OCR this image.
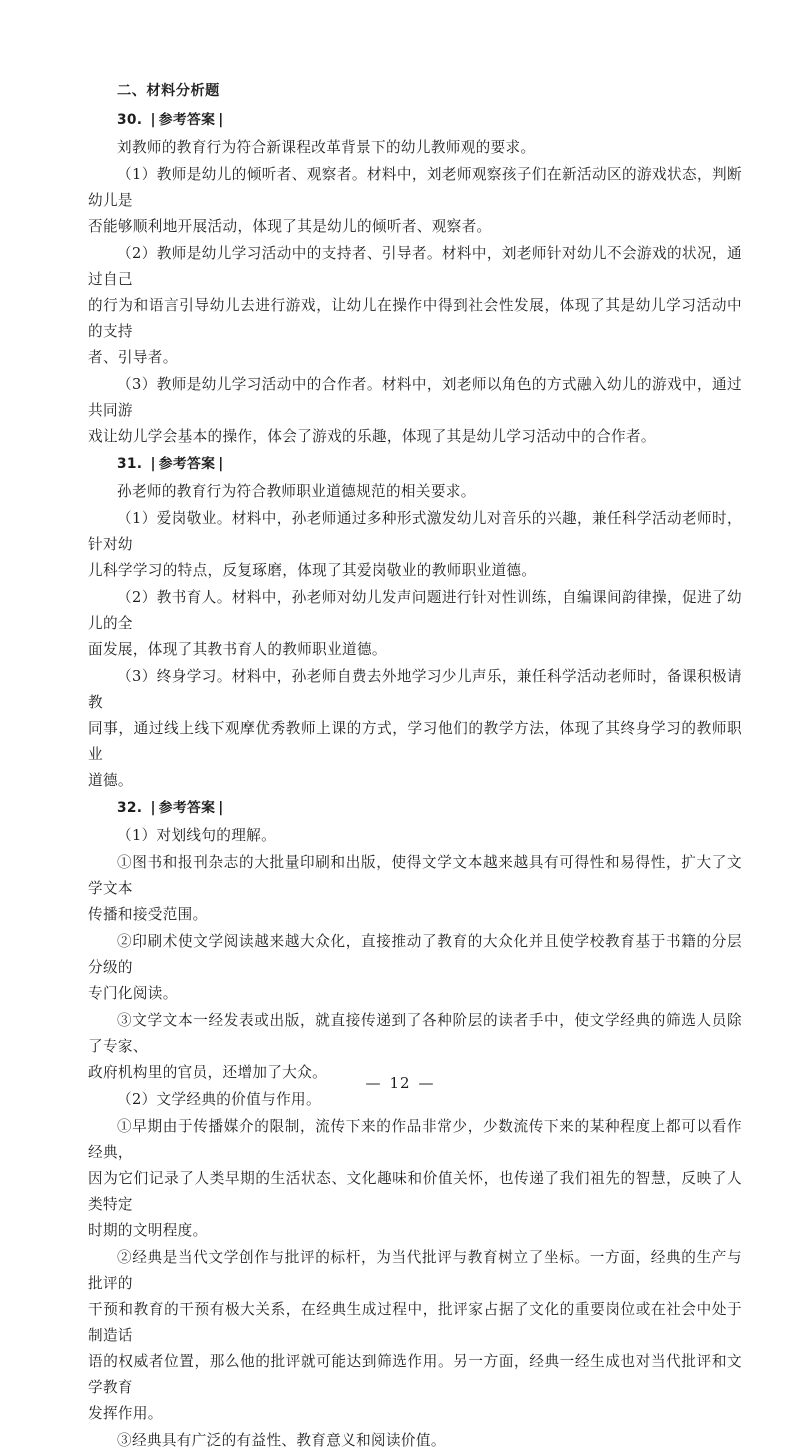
二、材料分析题
30. | 参考答案 |
刘教师的教育行为符合新课程改革背景下的幼儿教师观的要求。
（1）教师是幼儿的倾听者、观察者。材料中，刘老师观察孩子们在新活动区的游戏状态，判断幼儿是
否能够顺利地开展活动，体现了其是幼儿的倾听者、观察者。
（2）教师是幼儿学习活动中的支持者、引导者。材料中，刘老师针对幼儿不会游戏的状况，通过自己
的行为和语言引导幼儿去进行游戏，让幼儿在操作中得到社会性发展，体现了其是幼儿学习活动中的支持
者、引导者。
（3）教师是幼儿学习活动中的合作者。材料中，刘老师以角色的方式融入幼儿的游戏中，通过共同游
戏让幼儿学会基本的操作，体会了游戏的乐趣，体现了其是幼儿学习活动中的合作者。
31. | 参考答案 |
孙老师的教育行为符合教师职业道德规范的相关要求。
（1）爱岗敬业。材料中，孙老师通过多种形式激发幼儿对音乐的兴趣，兼任科学活动老师时，针对幼
儿科学学习的特点，反复琢磨，体现了其爱岗敬业的教师职业道德。
（2）教书育人。材料中，孙老师对幼儿发声问题进行针对性训练，自编课间韵律操，促进了幼儿的全
面发展，体现了其教书育人的教师职业道德。
（3）终身学习。材料中，孙老师自费去外地学习少儿声乐，兼任科学活动老师时，备课积极请教
同事，通过线上线下观摩优秀教师上课的方式，学习他们的教学方法，体现了其终身学习的教师职业
道德。
32. | 参考答案 |
（1）对划线句的理解。
①图书和报刊杂志的大批量印刷和出版，使得文学文本越来越具有可得性和易得性，扩大了文学文本
传播和接受范围。
②印刷术使文学阅读越来越大众化，直接推动了教育的大众化并且使学校教育基于书籍的分层分级的
专门化阅读。
③文学文本一经发表或出版，就直接传递到了各种阶层的读者手中，使文学经典的筛选人员除了专家、
政府机构里的官员，还增加了大众。
（2）文学经典的价值与作用。
①早期由于传播媒介的限制，流传下来的作品非常少，少数流传下来的某种程度上都可以看作经典，
因为它们记录了人类早期的生活状态、文化趣味和价值关怀，也传递了我们祖先的智慧，反映了人类特定
时期的文明程度。
②经典是当代文学创作与批评的标杆，为当代批评与教育树立了坐标。一方面，经典的生产与批评的
干预和教育的干预有极大关系，在经典生成过程中，批评家占据了文化的重要岗位或在社会中处于制造话
语的权威者位置，那么他的批评就可能达到筛选作用。另一方面，经典一经生成也对当代批评和文学教育
发挥作用。
③经典具有广泛的有益性、教育意义和阅读价值。
— 12 —
